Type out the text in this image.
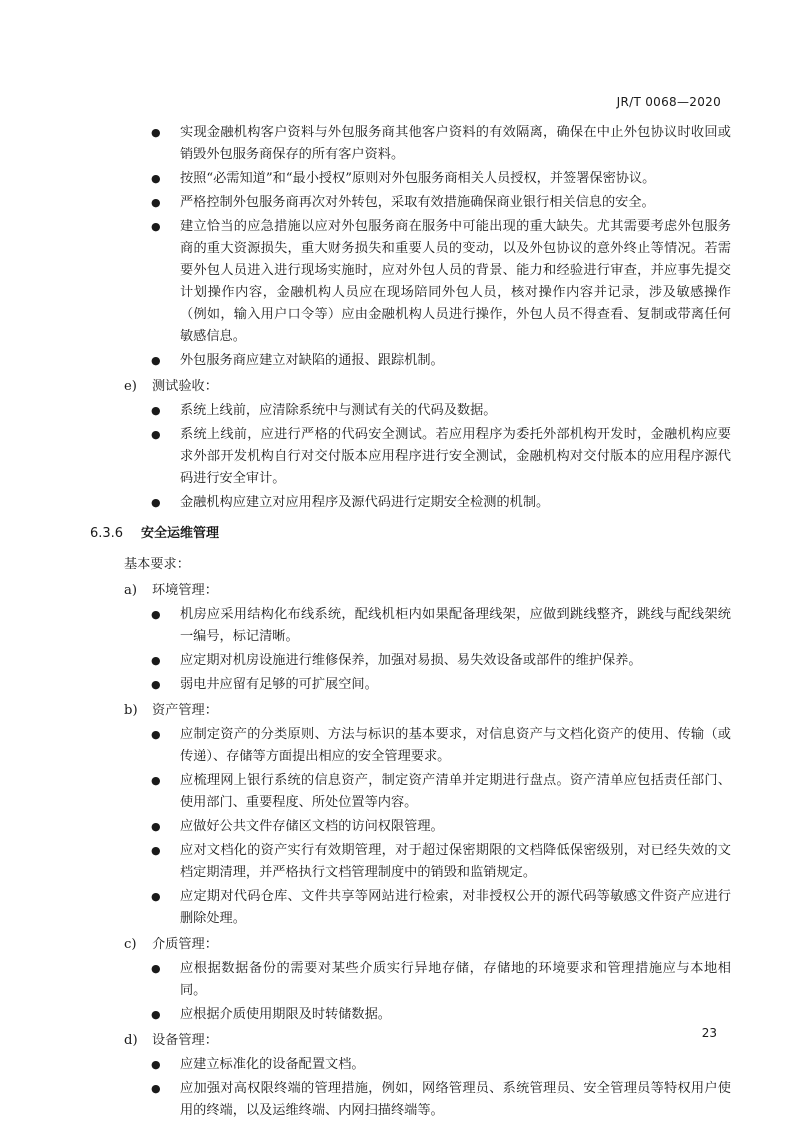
JR/T 0068—2020
● 实现金融机构客户资料与外包服务商其他客户资料的有效隔离，确保在中止外包协议时收回或销毁外包服务商保存的所有客户资料。
● 按照“必需知道”和“最小授权”原则对外包服务商相关人员授权，并签署保密协议。
● 严格控制外包服务商再次对外转包，采取有效措施确保商业银行相关信息的安全。
● 建立恰当的应急措施以应对外包服务商在服务中可能出现的重大缺失。尤其需要考虑外包服务商的重大资源损失，重大财务损失和重要人员的变动，以及外包协议的意外终止等情况。若需要外包人员进入进行现场实施时，应对外包人员的背景、能力和经验进行审查，并应事先提交计划操作内容，金融机构人员应在现场陪同外包人员，核对操作内容并记录，涉及敏感操作（例如，输入用户口令等）应由金融机构人员进行操作，外包人员不得查看、复制或带离任何敏感信息。
● 外包服务商应建立对缺陷的通报、跟踪机制。
e) 测试验收：
● 系统上线前，应清除系统中与测试有关的代码及数据。
● 系统上线前，应进行严格的代码安全测试。若应用程序为委托外部机构开发时，金融机构应要求外部开发机构自行对交付版本应用程序进行安全测试，金融机构对交付版本的应用程序源代码进行安全审计。
● 金融机构应建立对应用程序及源代码进行定期安全检测的机制。
6.3.6 安全运维管理
基本要求：
a) 环境管理：
● 机房应采用结构化布线系统，配线机柜内如果配备理线架，应做到跳线整齐，跳线与配线架统一编号，标记清晰。
● 应定期对机房设施进行维修保养，加强对易损、易失效设备或部件的维护保养。
● 弱电井应留有足够的可扩展空间。
b) 资产管理：
● 应制定资产的分类原则、方法与标识的基本要求，对信息资产与文档化资产的使用、传输（或传递）、存储等方面提出相应的安全管理要求。
● 应梳理网上银行系统的信息资产，制定资产清单并定期进行盘点。资产清单应包括责任部门、使用部门、重要程度、所处位置等内容。
● 应做好公共文件存储区文档的访问权限管理。
● 应对文档化的资产实行有效期管理，对于超过保密期限的文档降低保密级别，对已经失效的文档定期清理，并严格执行文档管理制度中的销毁和监销规定。
● 应定期对代码仓库、文件共享等网站进行检索，对非授权公开的源代码等敏感文件资产应进行删除处理。
c) 介质管理：
● 应根据数据备份的需要对某些介质实行异地存储，存储地的环境要求和管理措施应与本地相同。
● 应根据介质使用期限及时转储数据。
d) 设备管理：
● 应建立标准化的设备配置文档。
● 应加强对高权限终端的管理措施，例如，网络管理员、系统管理员、安全管理员等特权用户使用的终端，以及运维终端、内网扫描终端等。
23
